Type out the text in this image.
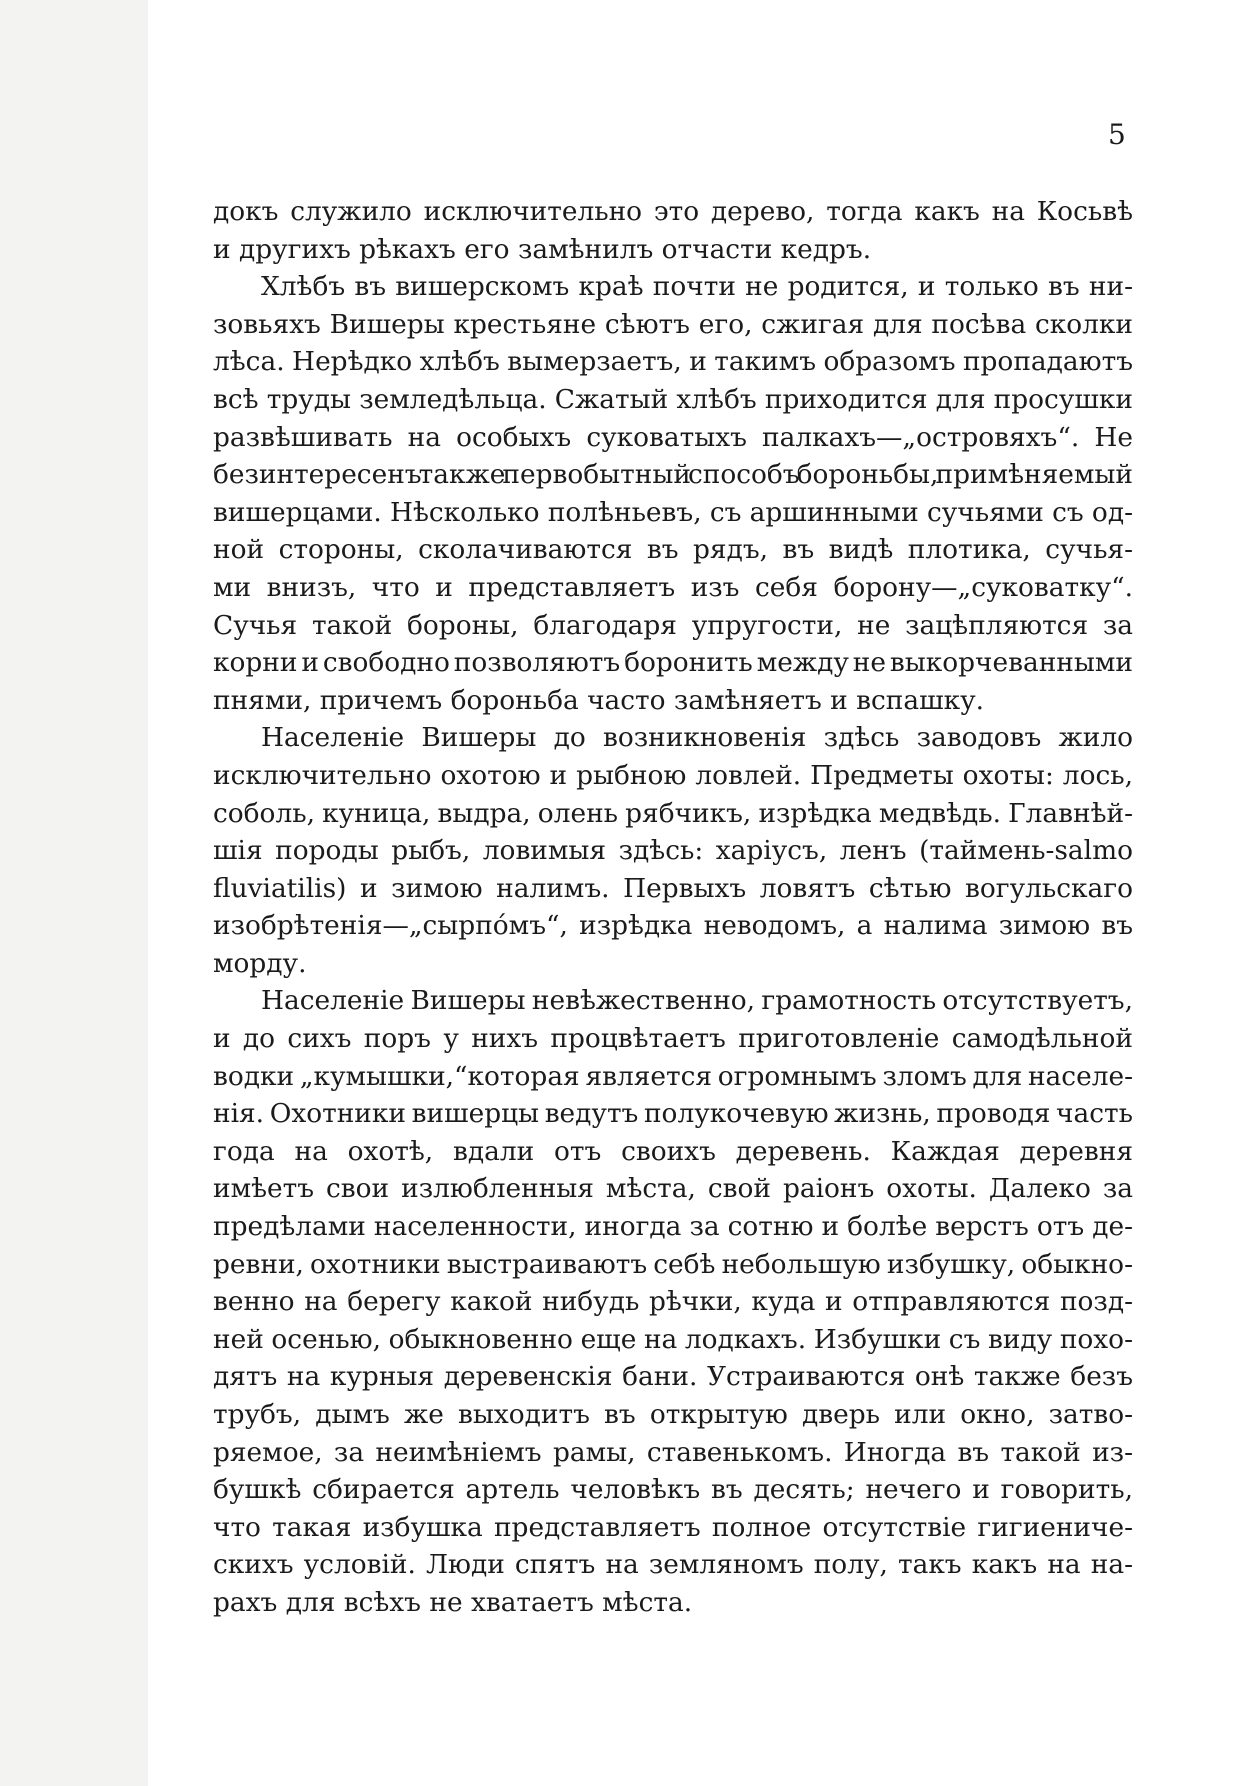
5

докъ служило исключительно это дерево, тогда какъ на Косьвѣ
и другихъ рѣкахъ его замѣнилъ отчасти кедръ.

Хлѣбъ въ вишерскомъ краѣ почти не родится, и только въ ни-
зовьяхъ Вишеры крестьяне сѣютъ его, сжигая для посѣва сколки
лѣса. Нерѣдко хлѣбъ вымерзаетъ, и такимъ образомъ пропадаютъ
всѣ труды земледѣльца. Сжатый хлѣбъ приходится для просушки
развѣшивать на особыхъ суковатыхъ палкахъ—„островяхъ“. Не
безинтересенъ также первобытный способъ бороньбы, примѣняемый
вишерцами. Нѣсколько полѣньевъ, съ аршинными сучьями съ од-
ной стороны, сколачиваются въ рядъ, въ видѣ плотика, сучья-
ми внизъ, что и представляетъ изъ себя борону—„суковатку“.
Сучья такой бороны, благодаря упругости, не зацѣпляются за
корни и свободно позволяютъ боронить между не выкорчеванными
пнями, причемъ бороньба часто замѣняетъ и вспашку.

Населеніе Вишеры до возникновенія здѣсь заводовъ жило
исключительно охотою и рыбною ловлей. Предметы охоты: лось,
соболь, куница, выдра, олень рябчикъ, изрѣдка медвѣдь. Главнѣй-
шія породы рыбъ, ловимыя здѣсь: харіусъ, ленъ (таймень-salmo
fluviatilis) и зимою налимъ. Первыхъ ловятъ сѣтью вогульскаго
изобрѣтенія—„сырпо́мъ“, изрѣдка неводомъ, а налима зимою въ
морду.

Населеніе Вишеры невѣжественно, грамотность отсутствуетъ,
и до сихъ поръ у нихъ процвѣтаетъ приготовленіе самодѣльной
водки „кумышки,“которая является огромнымъ зломъ для населе-
нія. Охотники вишерцы ведутъ полукочевую жизнь, проводя часть
года на охотѣ, вдали отъ своихъ деревень. Каждая деревня
имѣетъ свои излюбленныя мѣста, свой раіонъ охоты. Далеко за
предѣлами населенности, иногда за сотню и болѣе верстъ отъ де-
ревни, охотники выстраиваютъ себѣ небольшую избушку, обыкно-
венно на берегу какой нибудь рѣчки, куда и отправляются позд-
ней осенью, обыкновенно еще на лодкахъ. Избушки съ виду похо-
дятъ на курныя деревенскія бани. Устраиваются онѣ также безъ
трубъ, дымъ же выходитъ въ открытую дверь или окно, затво-
ряемое, за неимѣніемъ рамы, ставенькомъ. Иногда въ такой из-
бушкѣ сбирается артель человѣкъ въ десять; нечего и говорить,
что такая избушка представляетъ полное отсутствіе гигиениче-
скихъ условій. Люди спятъ на земляномъ полу, такъ какъ на на-
рахъ для всѣхъ не хватаетъ мѣста.
